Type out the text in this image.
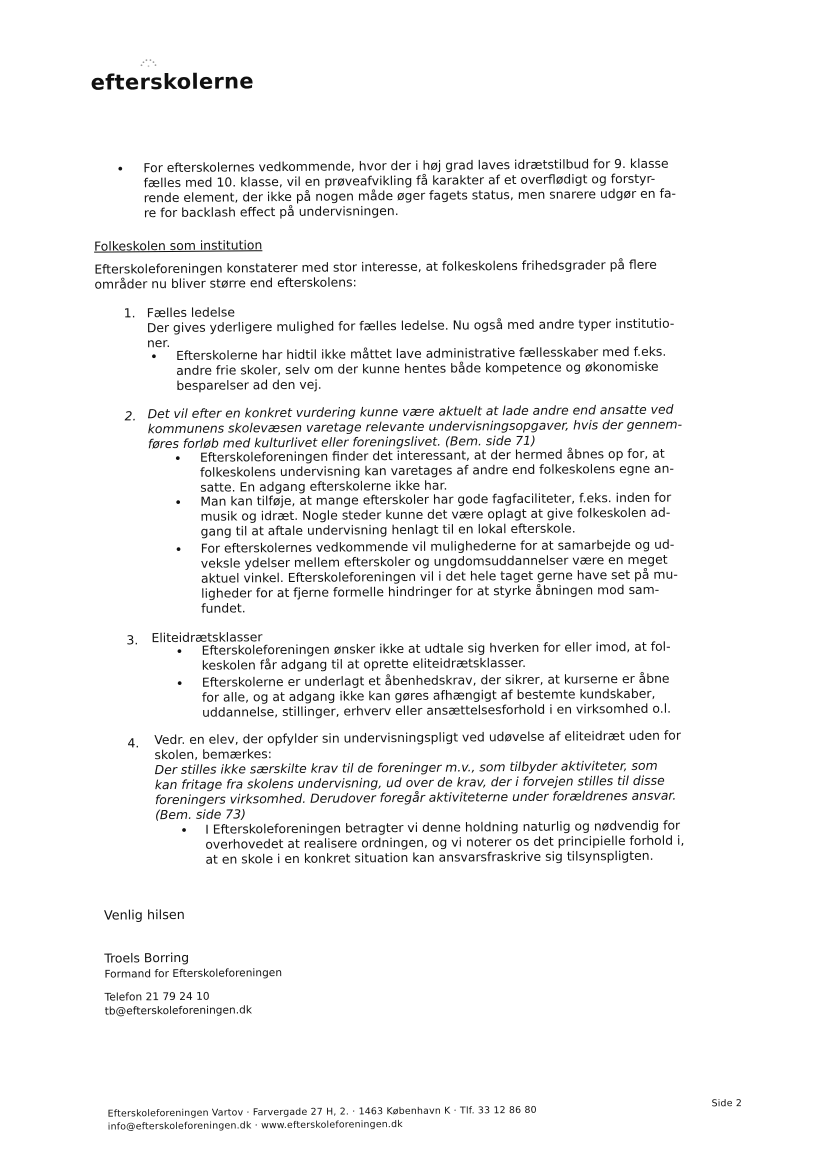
efterskolerne
• For efterskolernes vedkommende, hvor der i høj grad laves idrætstilbud for 9. klasse
fælles med 10. klasse, vil en prøveafvikling få karakter af et overflødigt og forstyr-
rende element, der ikke på nogen måde øger fagets status, men snarere udgør en fa-
re for backlash effect på undervisningen.
Folkeskolen som institution
Efterskoleforeningen konstaterer med stor interesse, at folkeskolens frihedsgrader på flere
områder nu bliver større end efterskolens:
1. Fælles ledelse
Der gives yderligere mulighed for fælles ledelse. Nu også med andre typer institutio-
ner.
• Efterskolerne har hidtil ikke måttet lave administrative fællesskaber med f.eks.
andre frie skoler, selv om der kunne hentes både kompetence og økonomiske
besparelser ad den vej.
2. Det vil efter en konkret vurdering kunne være aktuelt at lade andre end ansatte ved
kommunens skolevæsen varetage relevante undervisningsopgaver, hvis der gennem-
føres forløb med kulturlivet eller foreningslivet. (Bem. side 71)
• Efterskoleforeningen finder det interessant, at der hermed åbnes op for, at
folkeskolens undervisning kan varetages af andre end folkeskolens egne an-
satte. En adgang efterskolerne ikke har.
• Man kan tilføje, at mange efterskoler har gode fagfaciliteter, f.eks. inden for
musik og idræt. Nogle steder kunne det være oplagt at give folkeskolen ad-
gang til at aftale undervisning henlagt til en lokal efterskole.
• For efterskolernes vedkommende vil mulighederne for at samarbejde og ud-
veksle ydelser mellem efterskoler og ungdomsuddannelser være en meget
aktuel vinkel. Efterskoleforeningen vil i det hele taget gerne have set på mu-
ligheder for at fjerne formelle hindringer for at styrke åbningen mod sam-
fundet.
3. Eliteidrætsklasser
• Efterskoleforeningen ønsker ikke at udtale sig hverken for eller imod, at fol-
keskolen får adgang til at oprette eliteidrætsklasser.
• Efterskolerne er underlagt et åbenhedskrav, der sikrer, at kurserne er åbne
for alle, og at adgang ikke kan gøres afhængigt af bestemte kundskaber,
uddannelse, stillinger, erhverv eller ansættelsesforhold i en virksomhed o.l.
4. Vedr. en elev, der opfylder sin undervisningspligt ved udøvelse af eliteidræt uden for
skolen, bemærkes:
Der stilles ikke særskilte krav til de foreninger m.v., som tilbyder aktiviteter, som
kan fritage fra skolens undervisning, ud over de krav, der i forvejen stilles til disse
foreningers virksomhed. Derudover foregår aktiviteterne under forældrenes ansvar.
(Bem. side 73)
• I Efterskoleforeningen betragter vi denne holdning naturlig og nødvendig for
overhovedet at realisere ordningen, og vi noterer os det principielle forhold i,
at en skole i en konkret situation kan ansvarsfraskrive sig tilsynspligten.
Venlig hilsen
Troels Borring
Formand for Efterskoleforeningen
Telefon 21 79 24 10
tb@efterskoleforeningen.dk
Efterskoleforeningen Vartov · Farvergade 27 H, 2. · 1463 København K · Tlf. 33 12 86 80
info@efterskoleforeningen.dk · www.efterskoleforeningen.dk
Side 2
